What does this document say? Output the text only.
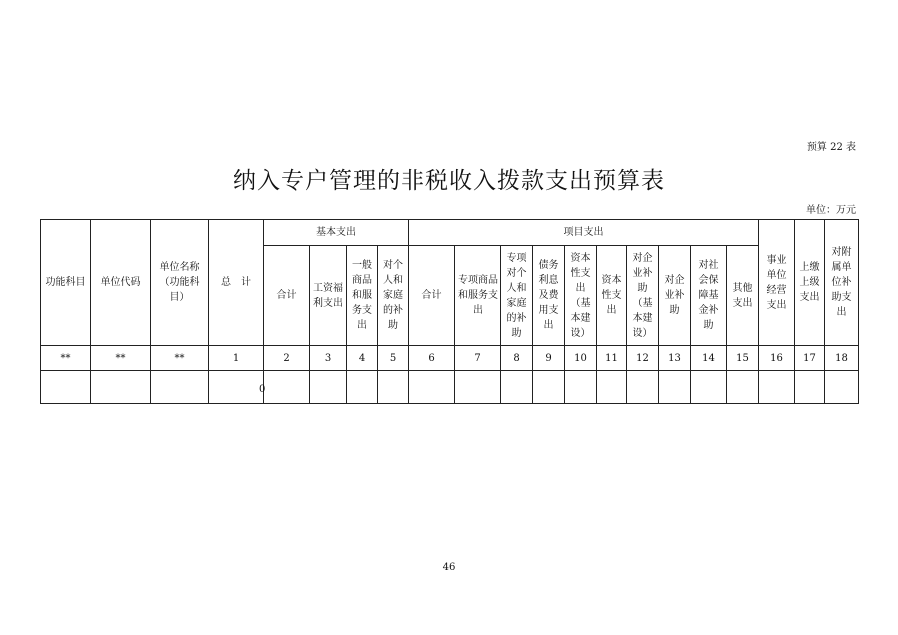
预算 22 表
纳入专户管理的非税收入拨款支出预算表
单位：万元
功能科目	单位代码	单位名称（功能科目）	总　计	基本支出				项目支出										事业单位经营支出	上缴上级支出	对附属单位补助支出
				合计	工资福利支出	一般商品和服务支出	对个人和家庭的补助	合计	专项商品和服务支出	专项对个人和家庭的补助	债务利息及费用支出	资本性支出（基本建设）	资本性支出	对企业补助（基本建设）	对企业补助	对社会保障基金补助	其他支出			
**	**	**	1	2	3	4	5	6	7	8	9	10	11	12	13	14	15	16	17	18
				0																
46
